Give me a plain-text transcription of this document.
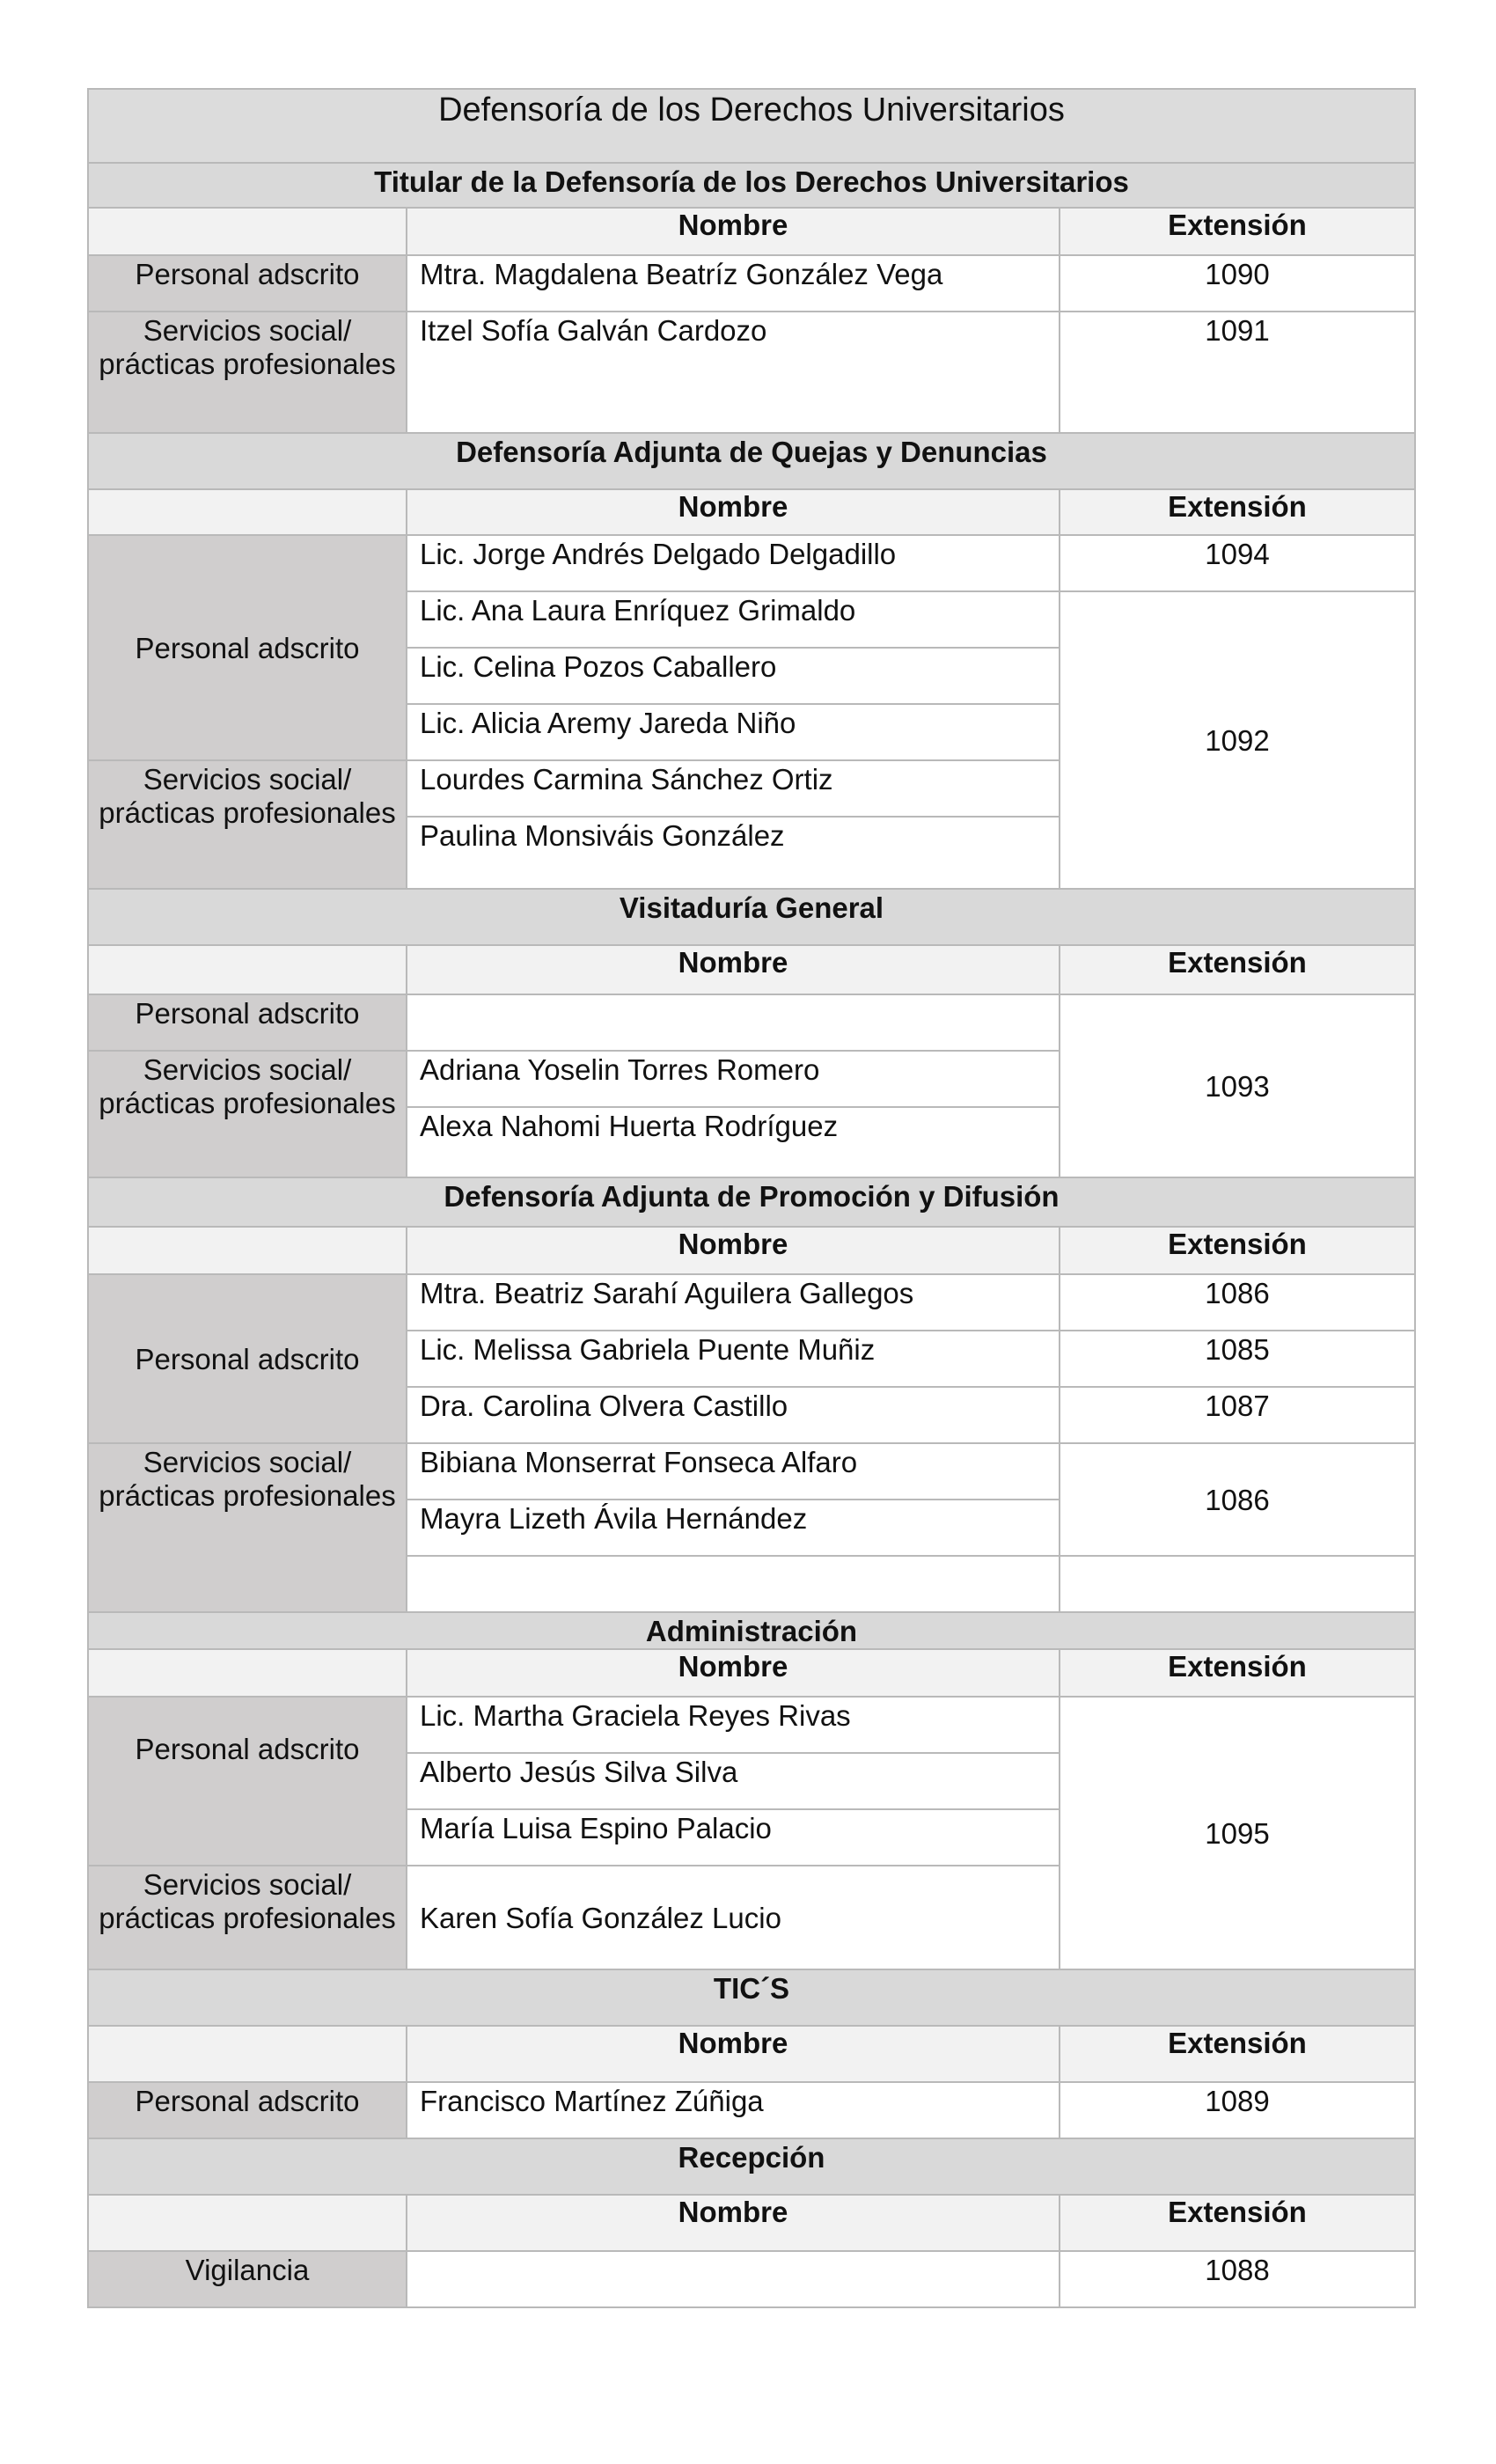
Defensoría de los Derechos Universitarios		
Titular de la Defensoría de los Derechos Universitarios		
	Nombre	Extensión
Personal adscrito	Mtra. Magdalena Beatríz González Vega	1090
Servicios social/ prácticas profesionales	Itzel Sofía Galván Cardozo	1091
Defensoría Adjunta de Quejas y Denuncias		
	Nombre	Extensión
Personal adscrito	Lic. Jorge Andrés Delgado Delgadillo	1094
	Lic. Ana Laura Enríquez Grimaldo	1092
	Lic. Celina Pozos Caballero	
	Lic. Alicia Aremy Jareda Niño	
Servicios social/ prácticas profesionales	Lourdes Carmina Sánchez Ortiz	
	Paulina Monsiváis González	
Visitaduría General		
	Nombre	Extensión
Personal adscrito		1093
Servicios social/ prácticas profesionales	Adriana Yoselin Torres Romero	
	Alexa Nahomi Huerta Rodríguez	
Defensoría Adjunta de Promoción y Difusión		
	Nombre	Extensión
Personal adscrito	Mtra. Beatriz Sarahí Aguilera Gallegos	1086
	Lic. Melissa Gabriela Puente Muñiz	1085
	Dra. Carolina Olvera Castillo	1087
Servicios social/ prácticas profesionales	Bibiana Monserrat Fonseca Alfaro	1086
	Mayra Lizeth Ávila Hernández	

Administración		
	Nombre	Extensión
Personal adscrito	Lic. Martha Graciela Reyes Rivas	1095
	Alberto Jesús Silva Silva	
	María Luisa Espino Palacio	
Servicios social/ prácticas profesionales	Karen Sofía González Lucio	
TIC´S		
	Nombre	Extensión
Personal adscrito	Francisco Martínez Zúñiga	1089
Recepción		
	Nombre	Extensión
Vigilancia		1088
